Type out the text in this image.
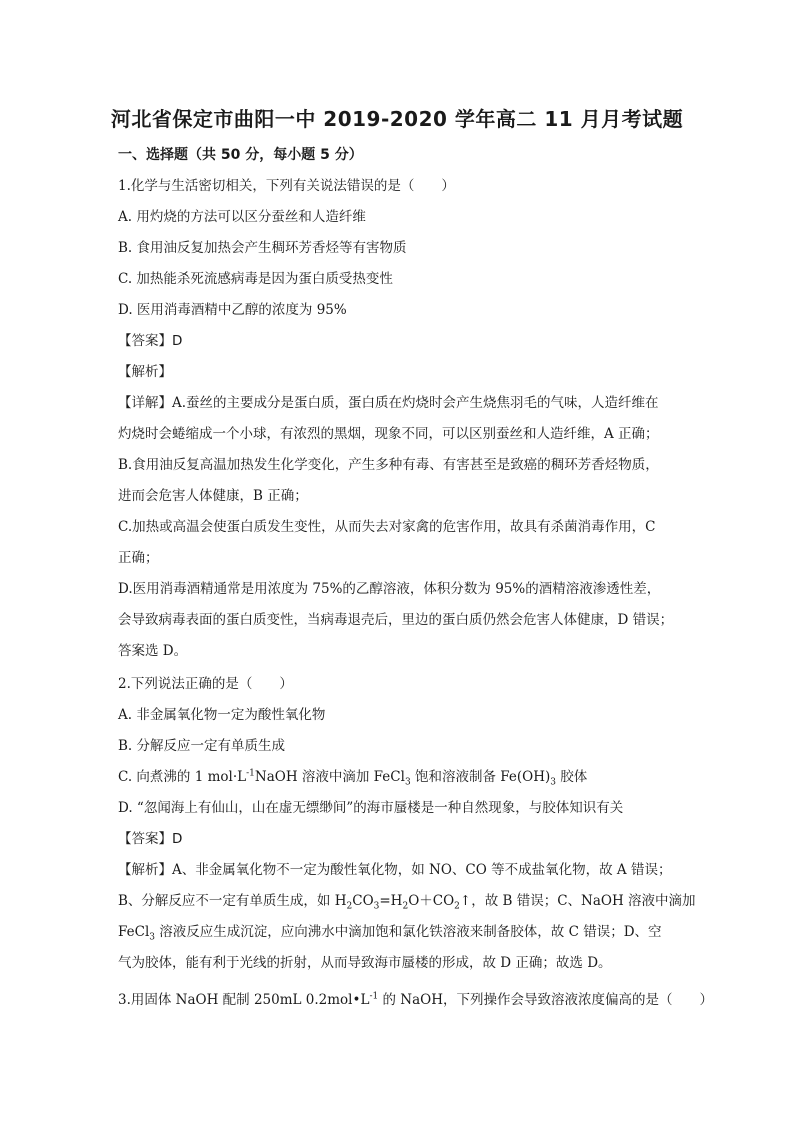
河北省保定市曲阳一中 2019-2020 学年高二 11 月月考试题
一、选择题（共 50 分，每小题 5 分）
1.化学与生活密切相关，下列有关说法错误的是（　　）
A. 用灼烧的方法可以区分蚕丝和人造纤维
B. 食用油反复加热会产生稠环芳香烃等有害物质
C. 加热能杀死流感病毒是因为蛋白质受热变性
D. 医用消毒酒精中乙醇的浓度为 95%
【答案】D
【解析】
【详解】A.蚕丝的主要成分是蛋白质，蛋白质在灼烧时会产生烧焦羽毛的气味，人造纤维在
灼烧时会蜷缩成一个小球，有浓烈的黑烟，现象不同，可以区别蚕丝和人造纤维，A 正确；
B.食用油反复高温加热发生化学变化，产生多种有毒、有害甚至是致癌的稠环芳香烃物质，
进而会危害人体健康，B 正确；
C.加热或高温会使蛋白质发生变性，从而失去对家禽的危害作用，故具有杀菌消毒作用，C
正确；
D.医用消毒酒精通常是用浓度为 75%的乙醇溶液，体积分数为 95%的酒精溶液渗透性差，
会导致病毒表面的蛋白质变性，当病毒退壳后，里边的蛋白质仍然会危害人体健康，D 错误；
答案选 D。
2.下列说法正确的是（　　）
A. 非金属氧化物一定为酸性氧化物
B. 分解反应一定有单质生成
C. 向煮沸的 1 $mol\cdot L^{-1}NaOH$ 溶液中滴加 FeCl$_3$ 饱和溶液制备 $Fe(OH)_3$ 胶体
D. “忽闻海上有仙山，山在虚无缥缈间”的海市蜃楼是一种自然现象，与胶体知识有关
【答案】D
【解析】A、非金属氧化物不一定为酸性氧化物，如 NO、CO 等不成盐氧化物，故 A 错误；
B、分解反应不一定有单质生成，如 $H_2CO_3=H_2O+CO_2↑$，故 B 错误；C、NaOH 溶液中滴加
FeCl$_3$ 溶液反应生成沉淀，应向沸水中滴加饱和氯化铁溶液来制备胶体，故 C 错误；D、空
气为胶体，能有利于光线的折射，从而导致海市蜃楼的形成，故 D 正确；故选 D。
3.用固体 NaOH 配制 250mL $0.2mol•L^{-1}$ 的 NaOH，下列操作会导致溶液浓度偏高的是（　　）
